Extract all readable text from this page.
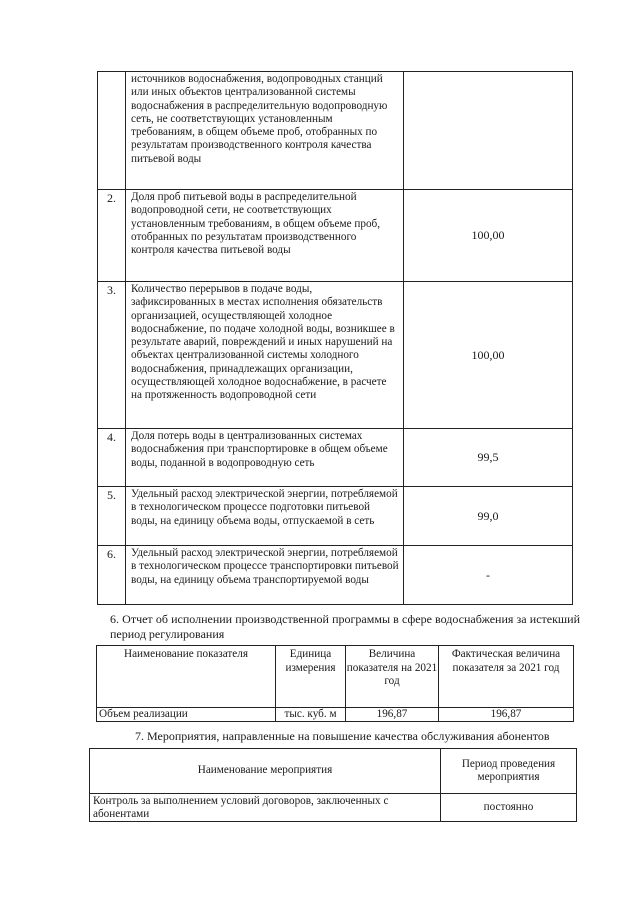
	источников водоснабжения, водопроводных станций или иных объектов централизованной системы водоснабжения в распределительную водопроводную сеть, не соответствующих установленным требованиям, в общем объеме проб, отобранных по результатам производственного контроля качества питьевой воды	
2.	Доля проб питьевой воды в распределительной водопроводной сети, не соответствующих установленным требованиям, в общем объеме проб, отобранных по результатам производственного контроля качества питьевой воды	100,00
3.	Количество перерывов в подаче воды, зафиксированных в местах исполнения обязательств организацией, осуществляющей холодное водоснабжение, по подаче холодной воды, возникшее в результате аварий, повреждений и иных нарушений на объектах централизованной системы холодного водоснабжения, принадлежащих организации, осуществляющей холодное водоснабжение, в расчете на протяженность водопроводной сети	100,00
4.	Доля потерь воды в централизованных системах водоснабжения при транспортировке в общем объеме воды, поданной в водопроводную сеть	99,5
5.	Удельный расход электрической энергии, потребляемой в технологическом процессе подготовки питьевой воды, на единицу объема воды, отпускаемой в сеть	99,0
6.	Удельный расход электрической энергии, потребляемой в технологическом процессе транспортировки питьевой воды, на единицу объема транспортируемой воды	-
6. Отчет об исполнении производственной программы в сфере водоснабжения за истекший период регулирования
Наименование показателя	Единица измерения	Величина показателя на 2021 год	Фактическая величина показателя за 2021 год
Объем реализации	тыс. куб. м	196,87	196,87
7. Мероприятия, направленные на повышение качества обслуживания абонентов
Наименование мероприятия	Период проведения мероприятия
Контроль за выполнением условий договоров, заключенных с абонентами	постоянно
